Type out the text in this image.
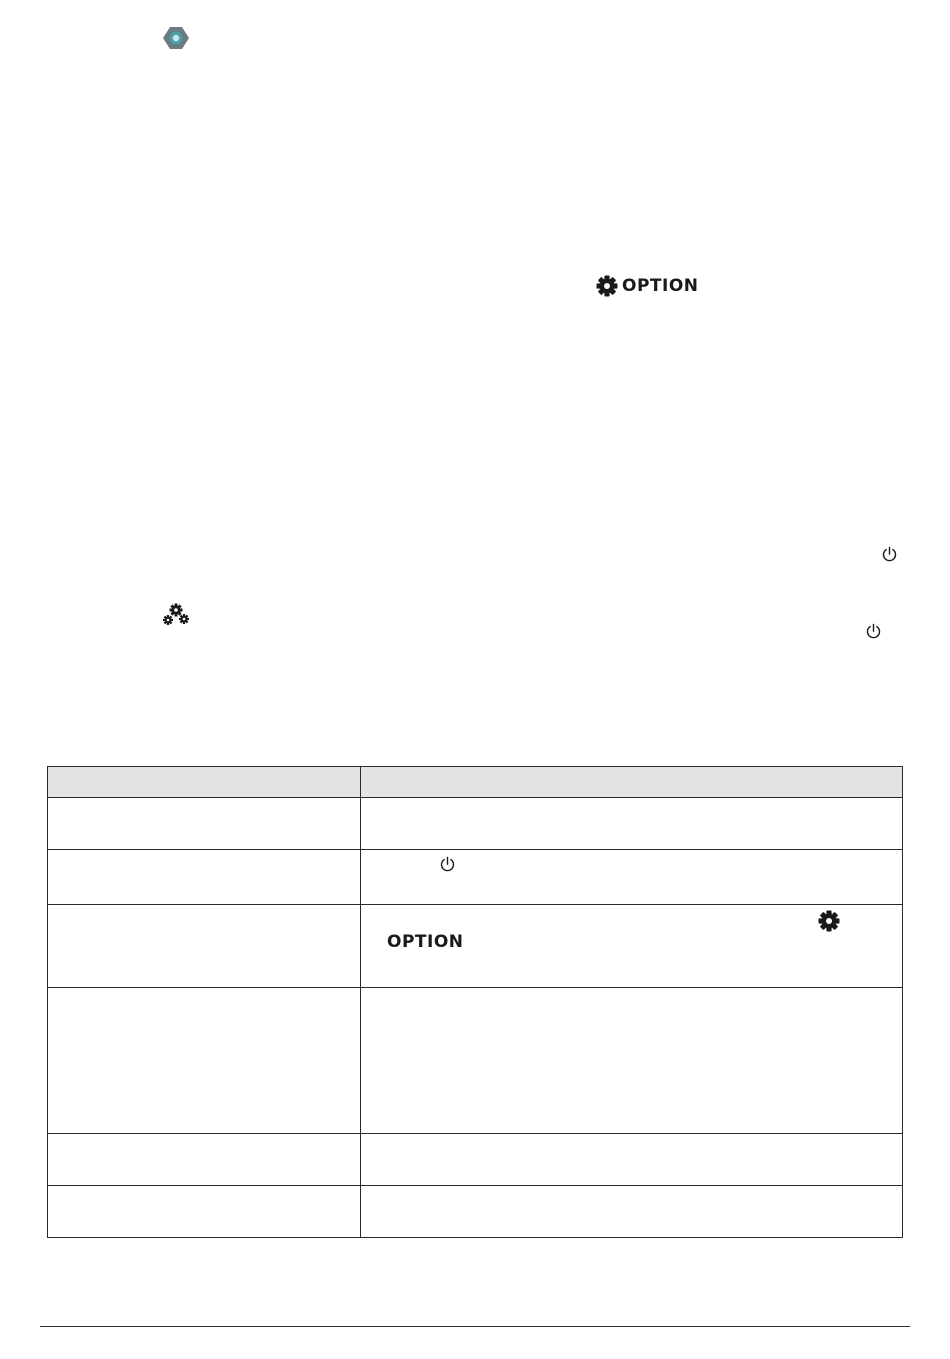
OPTION

	OPTION
